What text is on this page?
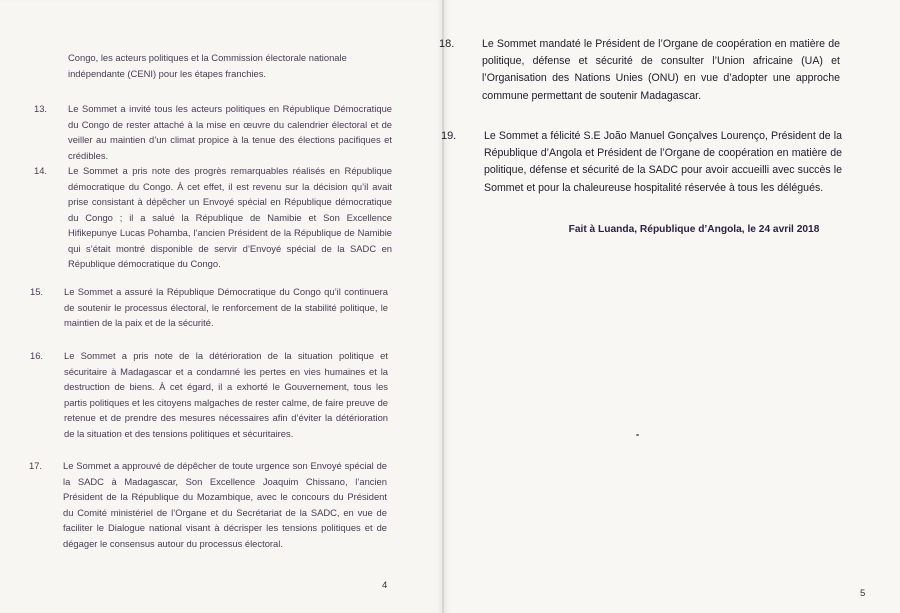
Congo, les acteurs politiques et la Commission électorale nationale indépendante (CENI) pour les étapes franchies.
13. Le Sommet a invité tous les acteurs politiques en République Démocratique du Congo de rester attaché à la mise en œuvre du calendrier électoral et de veiller au maintien d’un climat propice à la tenue des élections pacifiques et crédibles.
14. Le Sommet a pris note des progrès remarquables réalisés en République démocratique du Congo. À cet effet, il est revenu sur la décision qu’il avait prise consistant à dépêcher un Envoyé spécial en République démocratique du Congo ; il a salué la République de Namibie et Son Excellence Hifikepunye Lucas Pohamba, l’ancien Président de la République de Namibie qui s’était montré disponible de servir d’Envoyé spécial de la SADC en République démocratique du Congo.
15. Le Sommet a assuré la République Démocratique du Congo qu’il continuera de soutenir le processus électoral, le renforcement de la stabilité politique, le maintien de la paix et de la sécurité.
16. Le Sommet a pris note de la détérioration de la situation politique et sécuritaire à Madagascar et a condamné les pertes en vies humaines et la destruction de biens. À cet égard, il a exhorté le Gouvernement, tous les partis politiques et les citoyens malgaches de rester calme, de faire preuve de retenue et de prendre des mesures nécessaires afin d’éviter la détérioration de la situation et des tensions politiques et sécuritaires.
17. Le Sommet a approuvé de dépêcher de toute urgence son Envoyé spécial de la SADC à Madagascar, Son Excellence Joaquim Chissano, l’ancien Président de la République du Mozambique, avec le concours du Président du Comité ministériel de l’Organe et du Secrétariat de la SADC, en vue de faciliter le Dialogue national visant à décrisper les tensions politiques et de dégager le consensus autour du processus électoral.
4
18.	Le Sommet mandaté le Président de l’Organe de coopération en matière de politique, défense et sécurité de consulter l’Union africaine (UA) et l’Organisation des Nations Unies (ONU) en vue d’adopter une approche commune permettant de soutenir Madagascar.
19.	Le Sommet a félicité S.E João Manuel Gonçalves Lourenço, Président de la République d’Angola et Président de l’Organe de coopération en matière de politique, défense et sécurité de la SADC pour avoir accueilli avec succès le Sommet et pour la chaleureuse hospitalité réservée à tous les délégués.
Fait à Luanda, République d’Angola, le 24 avril 2018
5
